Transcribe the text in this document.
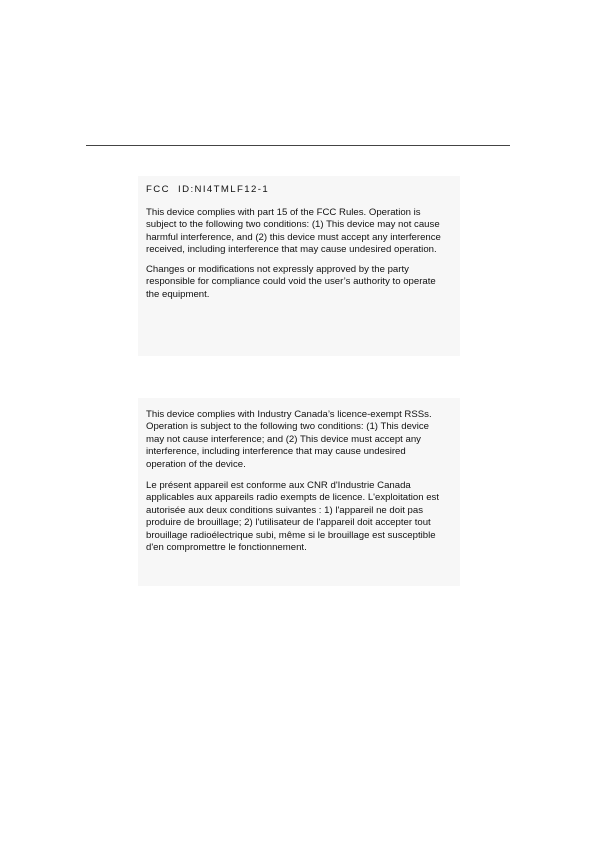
FCC  ID:NI4TMLF12-1

This device complies with part 15 of the FCC Rules. Operation is
subject to the following two conditions: (1) This device may not cause
harmful interference, and (2) this device must accept any interference
received, including interference that may cause undesired operation.

Changes or modifications not expressly approved by the party
responsible for compliance could void the user’s authority to operate
the equipment.

This device complies with Industry Canada’s licence-exempt RSSs.
Operation is subject to the following two conditions: (1) This device
may not cause interference; and (2) This device must accept any
interference, including interference that may cause undesired
operation of the device.

Le présent appareil est conforme aux CNR d'Industrie Canada
applicables aux appareils radio exempts de licence. L'exploitation est
autorisée aux deux conditions suivantes : 1) l'appareil ne doit pas
produire de brouillage; 2) l'utilisateur de l'appareil doit accepter tout
brouillage radioélectrique subi, même si le brouillage est susceptible
d'en compromettre le fonctionnement.
